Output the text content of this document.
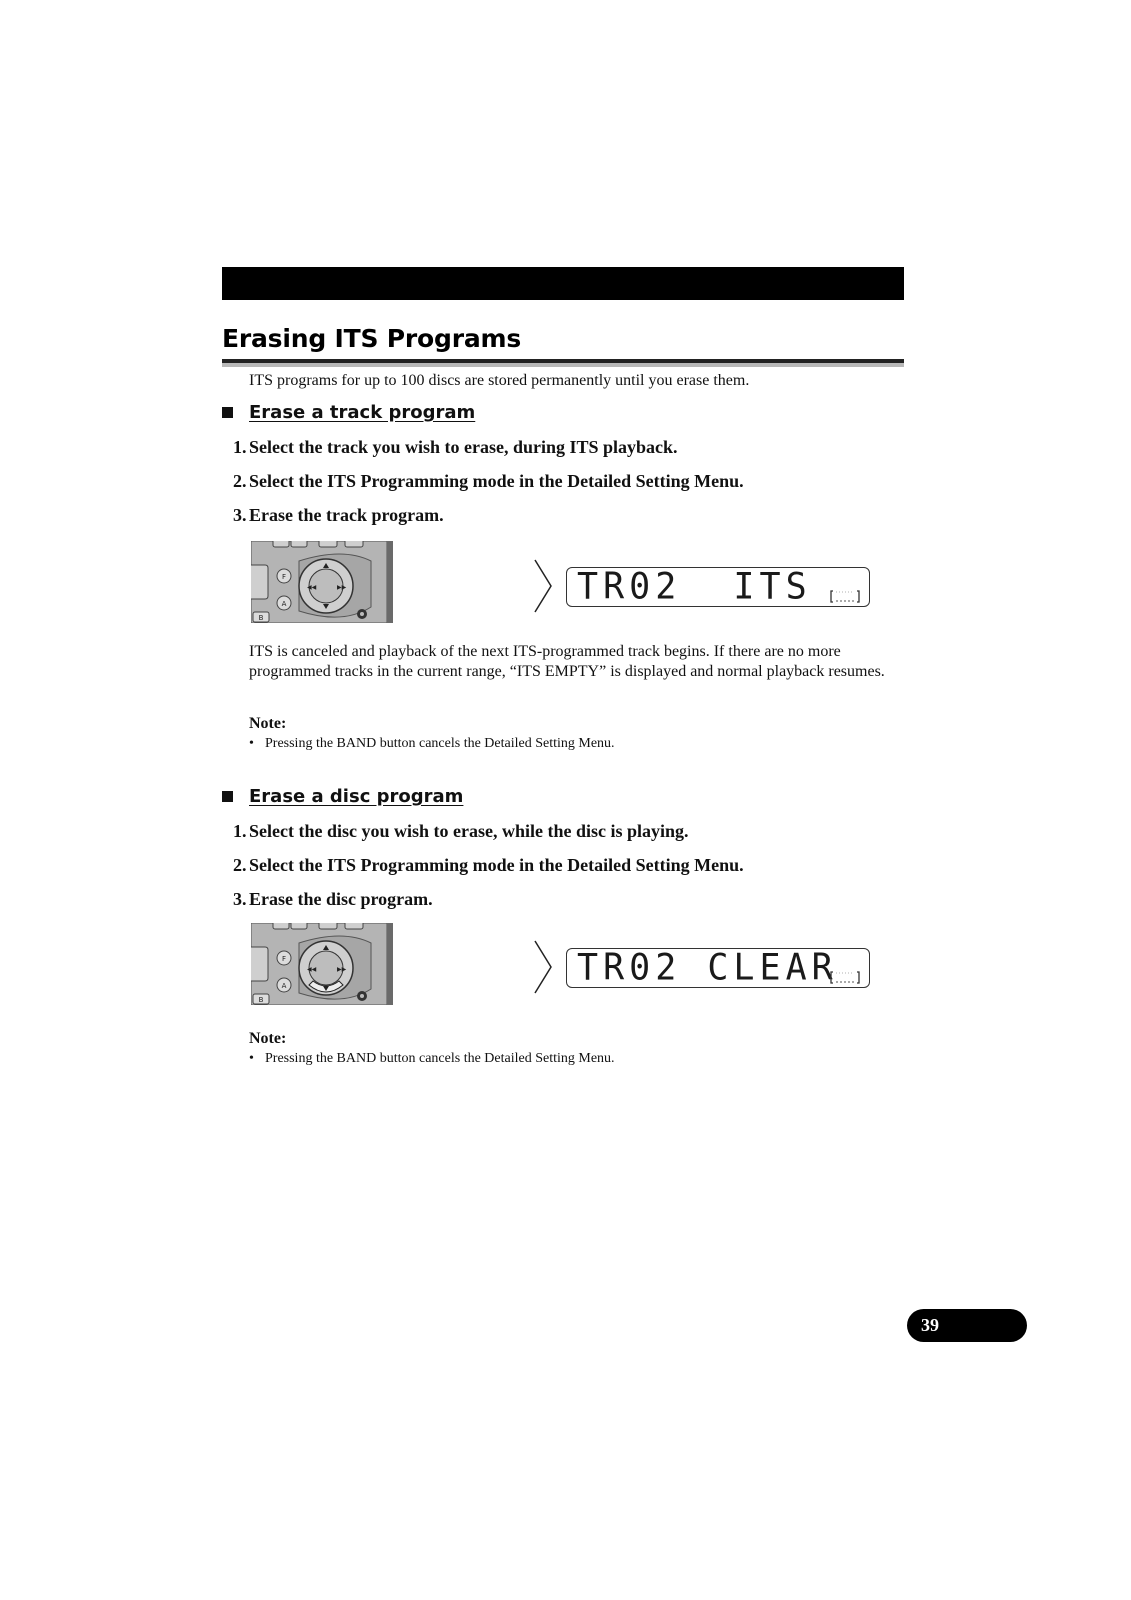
Erasing ITS Programs

ITS programs for up to 100 discs are stored permanently until you erase them.

Erase a track program

1. Select the track you wish to erase, during ITS playback.

2. Select the ITS Programming mode in the Detailed Setting Menu.

3. Erase the track program.

F
A
B
◀◀	▶▶	TR02  ITS

ITS is canceled and playback of the next ITS-programmed track begins. If there are no more programmed tracks in the current range, “ITS EMPTY” is displayed and normal playback resumes.

Note:

• Pressing the BAND button cancels the Detailed Setting Menu.

Erase a disc program

1. Select the disc you wish to erase, while the disc is playing.

2. Select the ITS Programming mode in the Detailed Setting Menu.

3. Erase the disc program.

F
A
B
◀◀	▶▶	TR02 CLEAR

Note:

• Pressing the BAND button cancels the Detailed Setting Menu.

39
